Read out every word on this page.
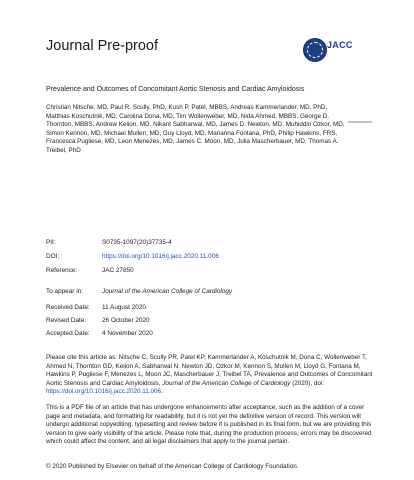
Journal Pre-proof	JACC
Prevalence and Outcomes of Concomitant Aortic Stenosis and Cardiac Amyloidosis
Christian Nitsche, MD, Paul R. Scully, PhD, Kush P. Patel, MBBS, Andreas Kammerlander, MD, PhD, Matthias Koschutnik, MD, Carolina Dona, MD, Tim Wollenweber, MD, Nida Ahmed, MBBS, George D. Thornton, MBBS, Andrew Kelion, MD, Nikant Sabharwal, MD, James D. Newton, MD, Muhiddin Ozkor, MD, Simon Kennon, MD, Michael Mullen, MD, Guy Lloyd, MD, Marianna Fontana, PhD, Philip Hawkins, FRS, Francesca Pugliese, MD, Leon Menezes, MD, James C. Moon, MD, Julia Mascherbauer, MD, Thomas A. Treibel, PhD
PII:	S0735-1097(20)37735-4
DOI:	https://doi.org/10.1016/j.jacc.2020.11.006
Reference:	JAC 27850
To appear in:	Journal of the American College of Cardiology
Received Date: 11 August 2020
Revised Date: 26 October 2020
Accepted Date: 4 November 2020
Please cite this article as: Nitsche C, Scully PR, Patel KP, Kammerlander A, Koschutnik M, Dona C, Wollenweber T, Ahmed N, Thornton GD, Kelion A, Sabharwal N, Newton JD, Ozkor M, Kennon S, Mullen M, Lloyd G, Fontana M, Hawkins P, Pugliese F, Menezes L, Moon JC, Mascherbauer J, Treibel TA, Prevalence and Outcomes of Concomitant Aortic Stenosis and Cardiac Amyloidosis, Journal of the American College of Cardiology (2020), doi: https://doi.org/10.1016/j.jacc.2020.11.006.
This is a PDF file of an article that has undergone enhancements after acceptance, such as the addition of a cover page and metadata, and formatting for readability, but it is not yet the definitive version of record. This version will undergo additional copyediting, typesetting and review before it is published in its final form, but we are providing this version to give early visibility of the article. Please note that, during the production process, errors may be discovered which could affect the content, and all legal disclaimers that apply to the journal pertain.
© 2020 Published by Elsevier on behalf of the American College of Cardiology Foundation.
